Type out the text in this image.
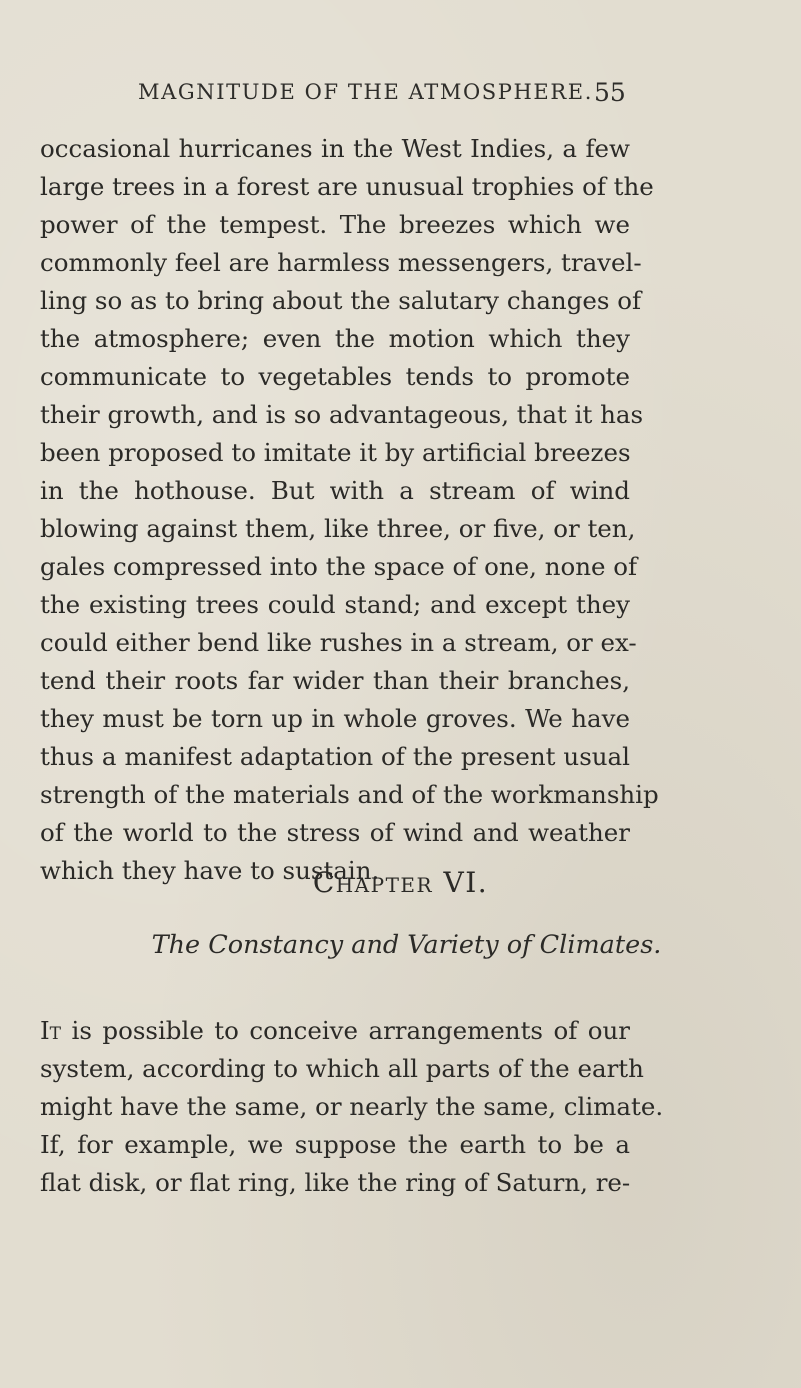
MAGNITUDE OF THE ATMOSPHERE. 55
occasional hurricanes in the West Indies, a few
large trees in a forest are unusual trophies of the
power of the tempest. The breezes which we
commonly feel are harmless messengers, travel-
ling so as to bring about the salutary changes of
the atmosphere; even the motion which they
communicate to vegetables tends to promote
their growth, and is so advantageous, that it has
been proposed to imitate it by artificial breezes
in the hothouse. But with a stream of wind
blowing against them, like three, or five, or ten,
gales compressed into the space of one, none of
the existing trees could stand; and except they
could either bend like rushes in a stream, or ex-
tend their roots far wider than their branches,
they must be torn up in whole groves. We have
thus a manifest adaptation of the present usual
strength of the materials and of the workmanship
of the world to the stress of wind and weather
which they have to sustain.
Chapter VI.
The Constancy and Variety of Climates.
It is possible to conceive arrangements of our
system, according to which all parts of the earth
might have the same, or nearly the same, climate.
If, for example, we suppose the earth to be a
flat disk, or flat ring, like the ring of Saturn, re-
